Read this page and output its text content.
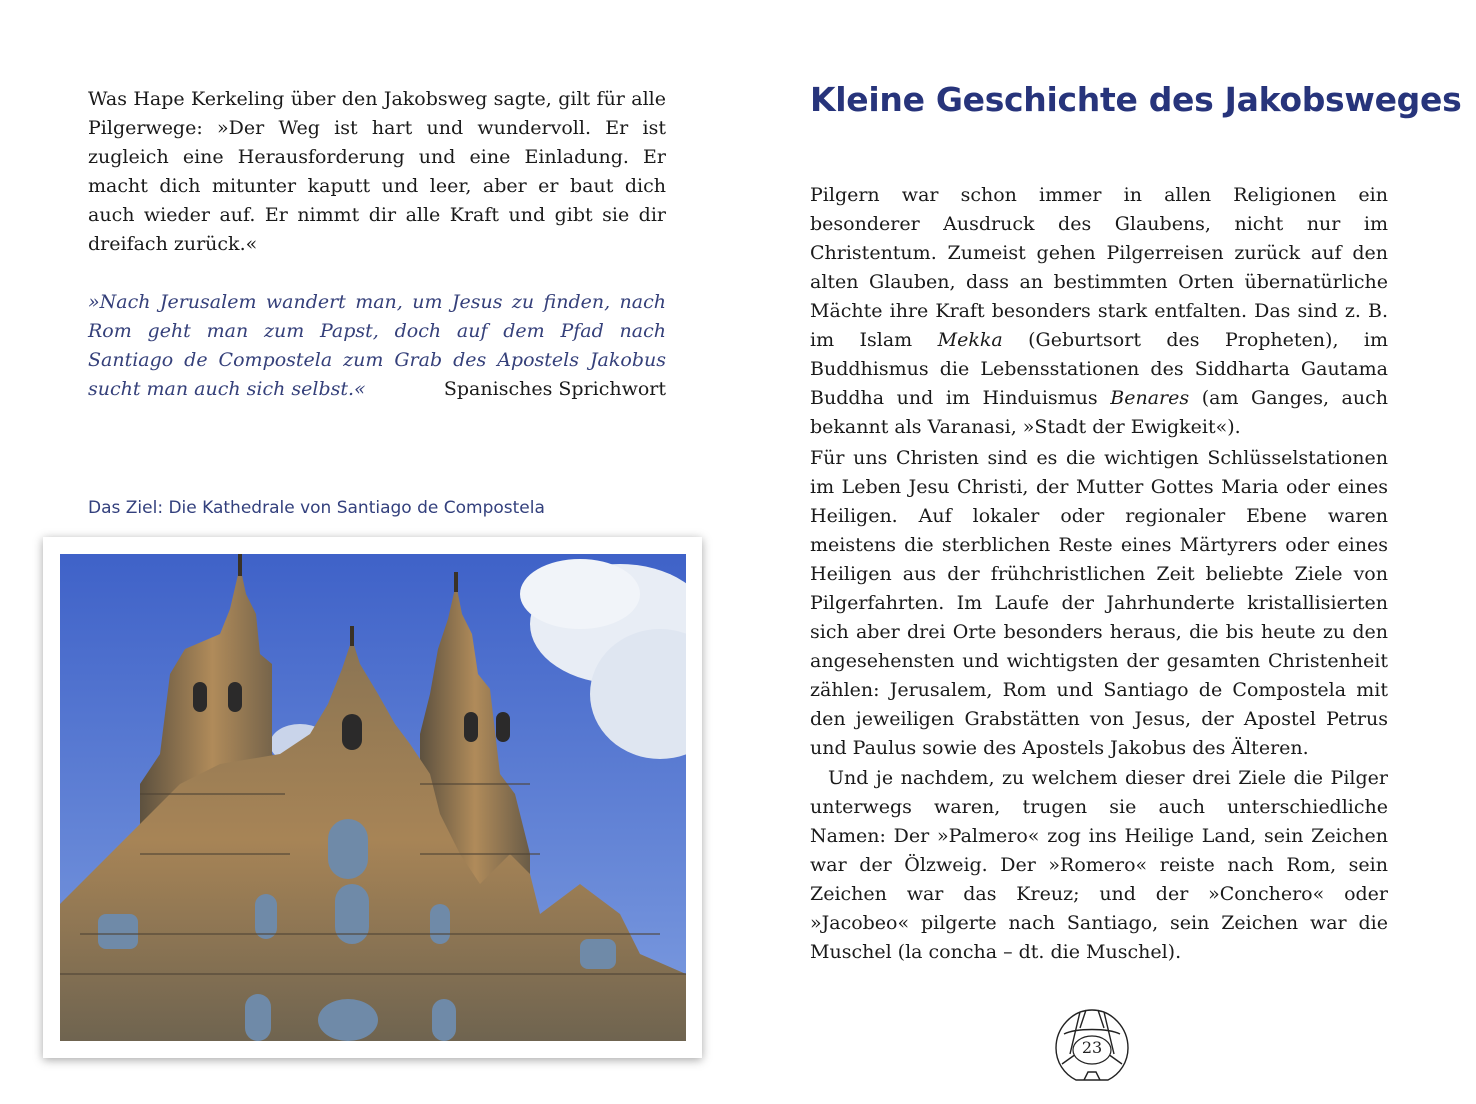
Was Hape Kerkeling über den Jakobsweg sagte, gilt für alle Pilgerwege: »Der Weg ist hart und wundervoll. Er ist zugleich eine Herausforderung und eine Einladung. Er macht dich mitunter kaputt und leer, aber er baut dich auch wieder auf. Er nimmt dir alle Kraft und gibt sie dir dreifach zurück.«

»Nach Jerusalem wandert man, um Jesus zu finden, nach Rom geht man zum Papst, doch auf dem Pfad nach Santiago de Compostela zum Grab des Apostels Jakobus sucht man auch sich selbst.«	Spanisches Sprichwort
Das Ziel: Die Kathedrale von Santiago de Compostela
Kleine Geschichte des Jakobsweges

Pilgern war schon immer in allen Religionen ein besonderer Ausdruck des Glaubens, nicht nur im Christentum. Zumeist gehen Pilgerreisen zurück auf den alten Glauben, dass an bestimmten Orten übernatürliche Mächte ihre Kraft besonders stark entfalten. Das sind z. B. im Islam Mekka (Geburtsort des Propheten), im Buddhismus die Lebensstationen des Siddharta Gautama Buddha und im Hinduismus Benares (am Ganges, auch bekannt als Varanasi, »Stadt der Ewigkeit«).

Für uns Christen sind es die wichtigen Schlüsselstationen im Leben Jesu Christi, der Mutter Gottes Maria oder eines Heiligen. Auf lokaler oder regionaler Ebene waren meistens die sterblichen Reste eines Märtyrers oder eines Heiligen aus der frühchristlichen Zeit beliebte Ziele von Pilgerfahrten. Im Laufe der Jahrhunderte kristallisierten sich aber drei Orte besonders heraus, die bis heute zu den angesehensten und wichtigsten der gesamten Christenheit zählen: Jerusalem, Rom und Santiago de Compostela mit den jeweiligen Grabstätten von Jesus, der Apostel Petrus und Paulus sowie des Apostels Jakobus des Älteren.

Und je nachdem, zu welchem dieser drei Ziele die Pilger unterwegs waren, trugen sie auch unterschiedliche Namen: Der »Palmero« zog ins Heilige Land, sein Zeichen war der Ölzweig. Der »Romero« reiste nach Rom, sein Zeichen war das Kreuz; und der »Conchero« oder »Jacobeo« pilgerte nach Santiago, sein Zeichen war die Muschel (la concha – dt. die Muschel).

23
